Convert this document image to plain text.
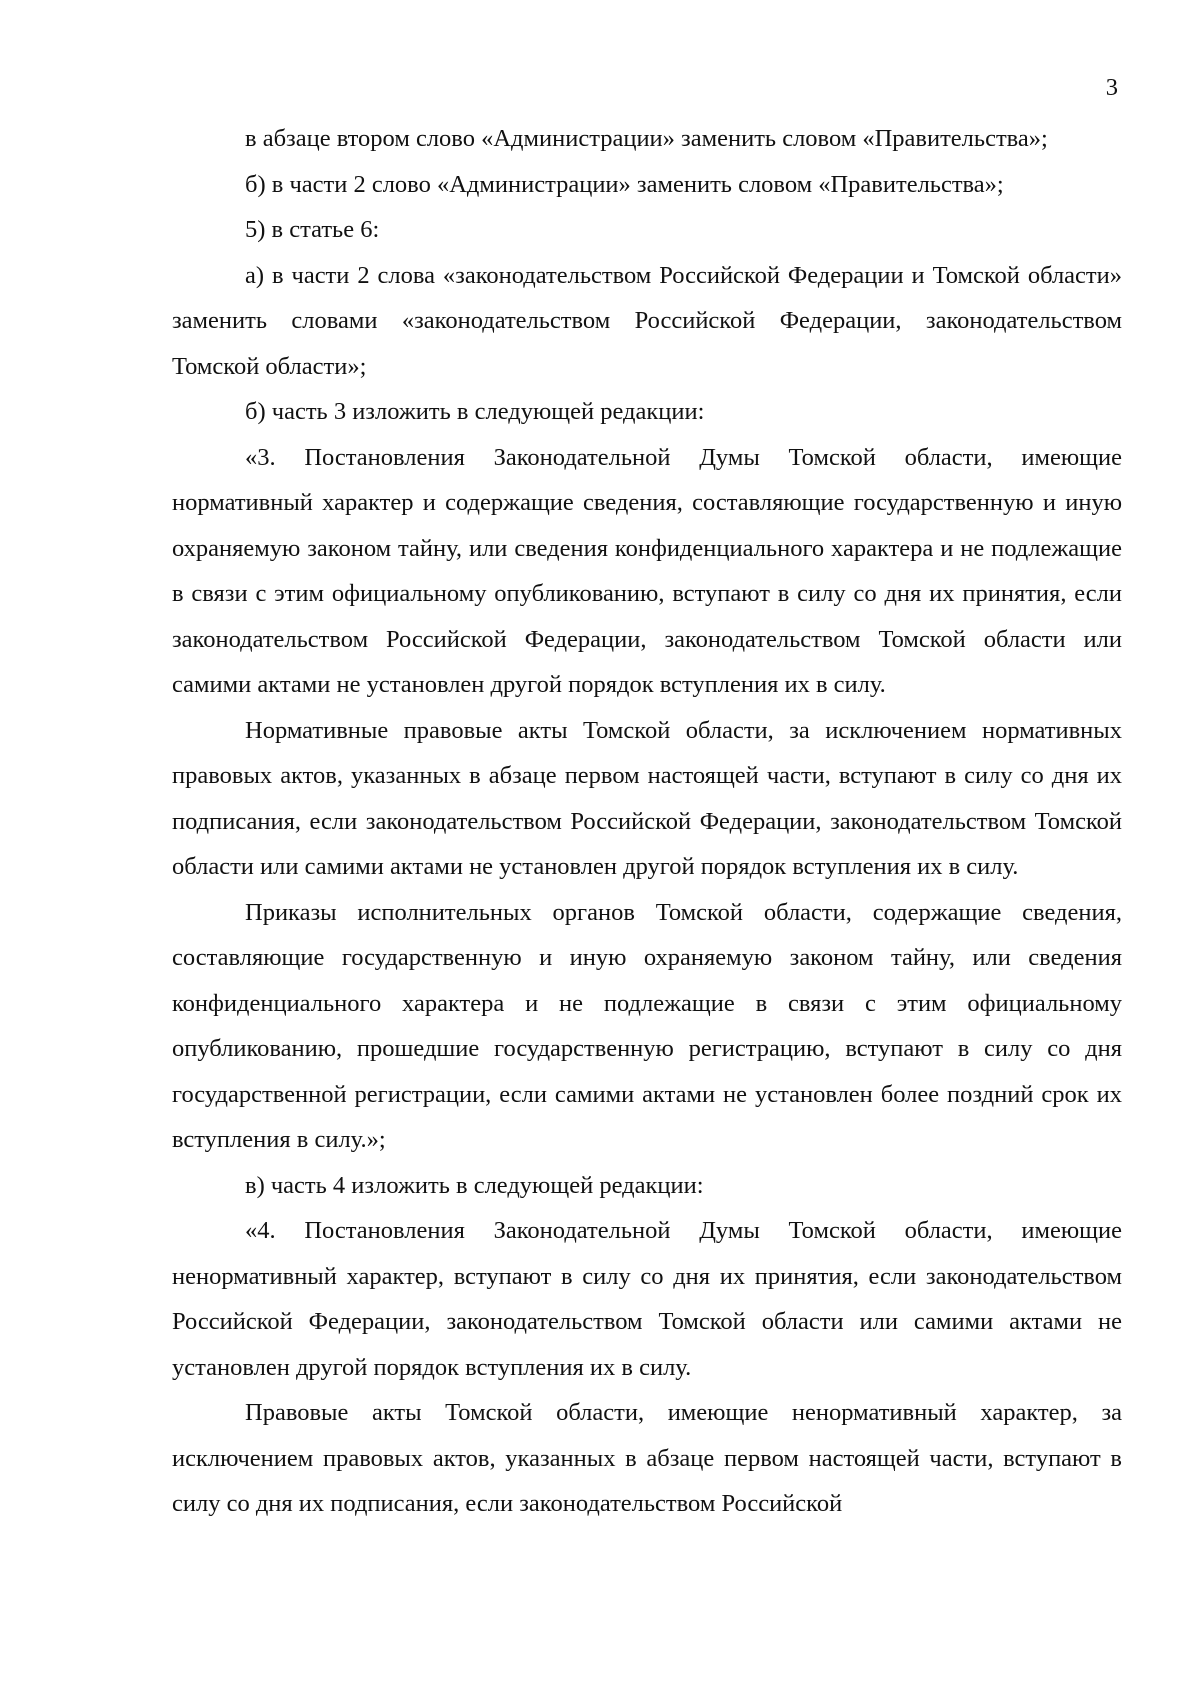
3

в абзаце втором слово «Администрации» заменить словом «Правительства»;

б) в части 2 слово «Администрации» заменить словом «Правительства»;

5) в статье 6:

а) в части 2 слова «законодательством Российской Федерации и Томской области» заменить словами «законодательством Российской Федерации, законодательством Томской области»;

б) часть 3 изложить в следующей редакции:

«3. Постановления Законодательной Думы Томской области, имеющие нормативный характер и содержащие сведения, составляющие государственную и иную охраняемую законом тайну, или сведения конфиденциального характера и не подлежащие в связи с этим официальному опубликованию, вступают в силу со дня их принятия, если законодательством Российской Федерации, законодательством Томской области или самими актами не установлен другой порядок вступления их в силу.

Нормативные правовые акты Томской области, за исключением нормативных правовых актов, указанных в абзаце первом настоящей части, вступают в силу со дня их подписания, если законодательством Российской Федерации, законодательством Томской области или самими актами не установлен другой порядок вступления их в силу.

Приказы исполнительных органов Томской области, содержащие сведения, составляющие государственную и иную охраняемую законом тайну, или сведения конфиденциального характера и не подлежащие в связи с этим официальному опубликованию, прошедшие государственную регистрацию, вступают в силу со дня государственной регистрации, если самими актами не установлен более поздний срок их вступления в силу.»;

в) часть 4 изложить в следующей редакции:

«4. Постановления Законодательной Думы Томской области, имеющие ненормативный характер, вступают в силу со дня их принятия, если законодательством Российской Федерации, законодательством Томской области или самими актами не установлен другой порядок вступления их в силу.

Правовые акты Томской области, имеющие ненормативный характер, за исключением правовых актов, указанных в абзаце первом настоящей части, вступают в силу со дня их подписания, если законодательством Российской
